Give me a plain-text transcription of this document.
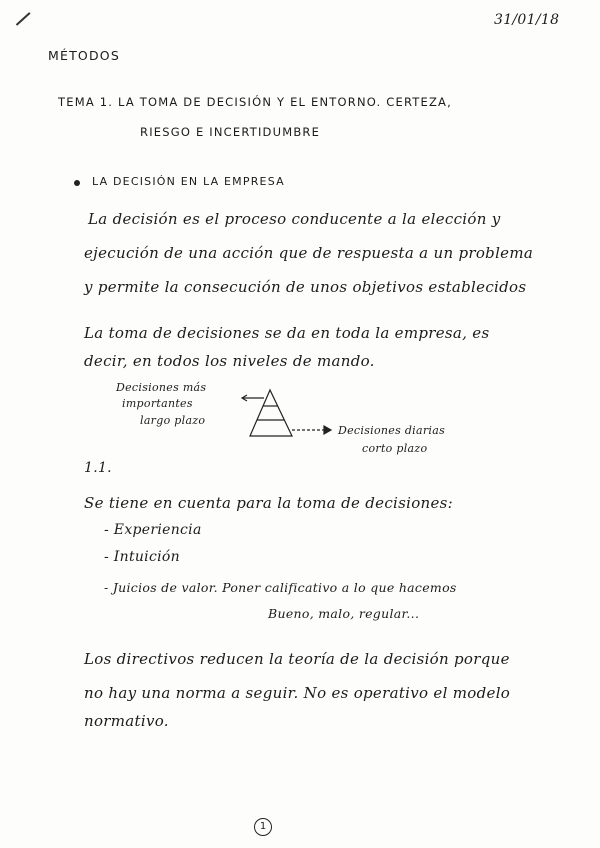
31/01/18
MÉTODOS
TEMA 1. LA TOMA DE DECISIÓN Y EL ENTORNO. CERTEZA,
RIESGO E INCERTIDUMBRE
LA DECISIÓN EN LA EMPRESA
La decisión es el proceso conducente a la elección y
ejecución de una acción que de respuesta a un problema
y permite la consecución de unos objetivos establecidos
La toma de decisiones se da en toda la empresa, es
decir, en todos los niveles de mando.
Decisiones más
importantes
largo plazo
Decisiones diarias
corto plazo
1.1.
Se tiene en cuenta para la toma de decisiones:
- Experiencia
- Intuición
- Juicios de valor. Poner calificativo a lo que hacemos
Bueno, malo, regular...
Los directivos reducen la teoría de la decisión porque
no hay una norma a seguir. No es operativo el modelo
normativo.
1
